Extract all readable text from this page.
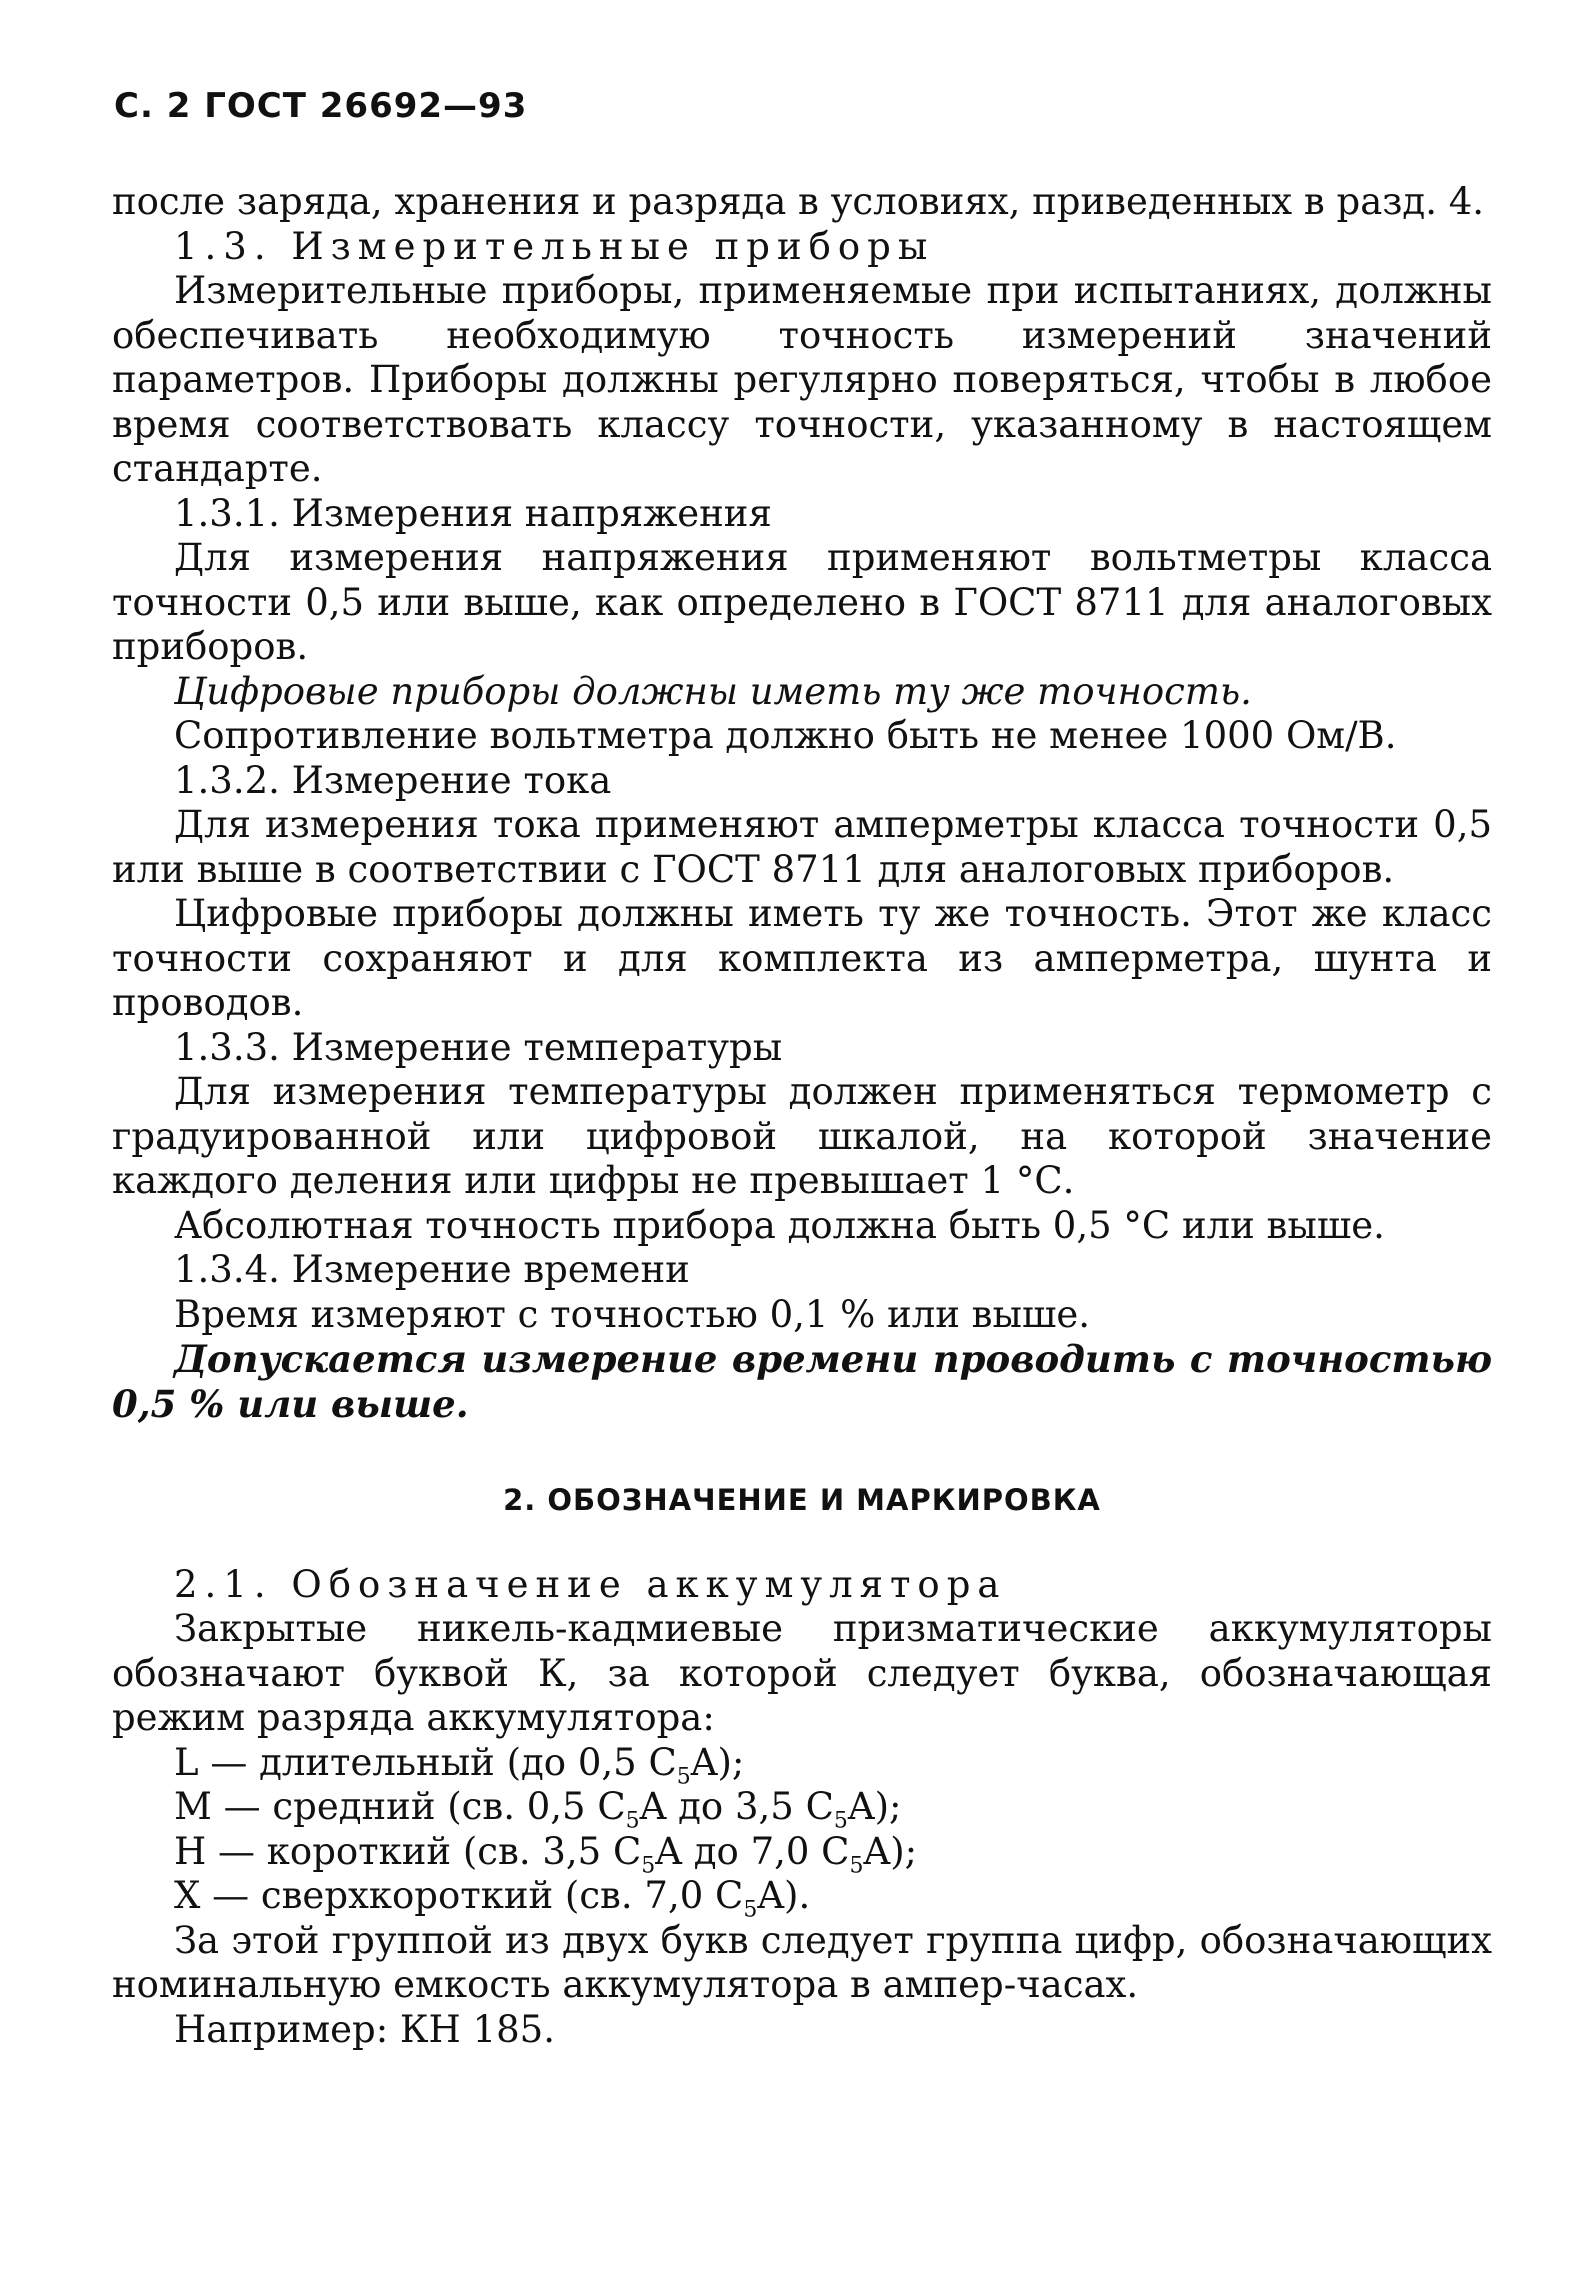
С. 2 ГОСТ 26692—93

после заряда, хранения и разряда в условиях, приведенных в разд. 4.

1.3. Измерительные приборы

Измерительные приборы, применяемые при испытаниях, должны обеспечивать необходимую точность измерений значений параметров. Приборы должны регулярно поверяться, чтобы в любое время соответствовать классу точности, указанному в настоящем стандарте.

1.3.1. Измерения напряжения

Для измерения напряжения применяют вольтметры класса точности 0,5 или выше, как определено в ГОСТ 8711 для аналоговых приборов.

Цифровые приборы должны иметь ту же точность.

Сопротивление вольтметра должно быть не менее 1000 Ом/В.

1.3.2. Измерение тока

Для измерения тока применяют амперметры класса точности 0,5 или выше в соответствии с ГОСТ 8711 для аналоговых приборов.

Цифровые приборы должны иметь ту же точность. Этот же класс точности сохраняют и для комплекта из амперметра, шунта и проводов.

1.3.3. Измерение температуры

Для измерения температуры должен применяться термометр с градуированной или цифровой шкалой, на которой значение каждого деления или цифры не превышает 1 °С.

Абсолютная точность прибора должна быть 0,5 °С или выше.

1.3.4. Измерение времени

Время измеряют с точностью 0,1 % или выше.

Допускается измерение времени проводить с точностью 0,5 % или выше.

2. ОБОЗНАЧЕНИЕ И МАРКИРОВКА

2.1. Обозначение аккумулятора

Закрытые никель-кадмиевые призматические аккумуляторы обозначают буквой К, за которой следует буква, обозначающая режим разряда аккумулятора:

L — длительный (до 0,5 $C_5A$);

M — средний (св. 0,5 $C_5A$ до 3,5 $C_5A$);

Н — короткий (св. 3,5 $C_5A$ до 7,0 $C_5A$);

X — сверхкороткий (св. 7,0 $C_5A$).

За этой группой из двух букв следует группа цифр, обозначающих номинальную емкость аккумулятора в ампер-часах.

Например: КН 185.
